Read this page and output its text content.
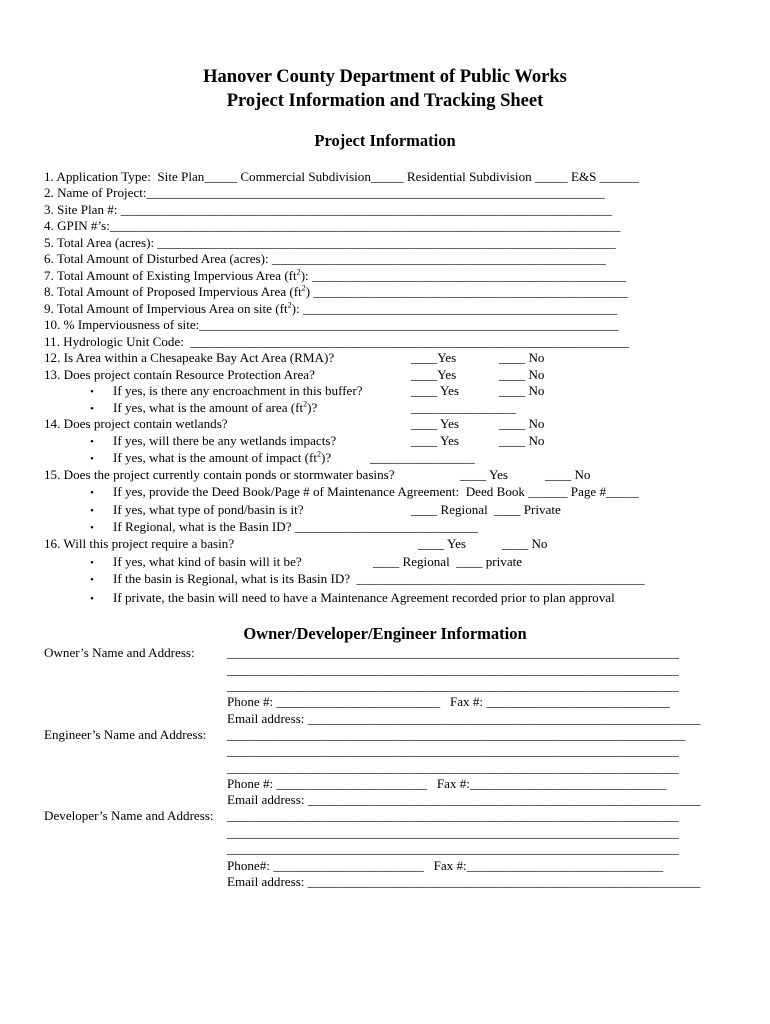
Hanover County Department of Public Works
Project Information and Tracking Sheet
Project Information
1. Application Type:  Site Plan_____ Commercial Subdivision_____ Residential Subdivision _____ E&S ______
2. Name of Project:______________________________________________________________________
3. Site Plan #: ___________________________________________________________________________
4. GPIN #’s:______________________________________________________________________________
5. Total Area (acres): ______________________________________________________________________
6. Total Amount of Disturbed Area (acres): ___________________________________________________
7. Total Amount of Existing Impervious Area $(ft^2)$: ________________________________________________
8. Total Amount of Proposed Impervious Area $(ft^2)$ ________________________________________________
9. Total Amount of Impervious Area on site $(ft^2)$: ________________________________________________
10. % Imperviousness of site:________________________________________________________________
11. Hydrologic Unit Code:  ___________________________________________________________________
12. Is Area within a Chesapeake Bay Act Area (RMA)?	____Yes	____ No
13. Does project contain Resource Protection Area?	____Yes	____ No
• If yes, is there any encroachment in this buffer?	____ Yes	____ No
• If yes, what is the amount of area $(ft^2)$?	________________
14. Does project contain wetlands?	____ Yes	____ No
• If yes, will there be any wetlands impacts?	____ Yes	____ No
• If yes, what is the amount of impact $(ft^2)$?	________________
15. Does the project currently contain ponds or stormwater basins?	____ Yes	____ No
• If yes, provide the Deed Book/Page # of Maintenance Agreement:  Deed Book ______ Page #_____
• If yes, what type of pond/basin is it?	____ Regional  ____ Private
• If Regional, what is the Basin ID? ____________________________
16. Will this project require a basin?	____ Yes	____ No
• If yes, what kind of basin will it be?	____ Regional  ____ private
• If the basin is Regional, what is its Basin ID?  ____________________________________________
• If private, the basin will need to have a Maintenance Agreement recorded prior to plan approval
Owner/Developer/Engineer Information
Owner’s Name and Address: _____________________________________________________________________
_____________________________________________________________________
_____________________________________________________________________
Phone #: _________________________   Fax #: ____________________________
Email address: ____________________________________________________________
Engineer’s Name and Address: ______________________________________________________________________
_____________________________________________________________________
_____________________________________________________________________
Phone #: _______________________   Fax #:______________________________
Email address: ____________________________________________________________
Developer’s Name and Address: _____________________________________________________________________
_____________________________________________________________________
_____________________________________________________________________
Phone#: _______________________   Fax #:______________________________
Email address: ____________________________________________________________
